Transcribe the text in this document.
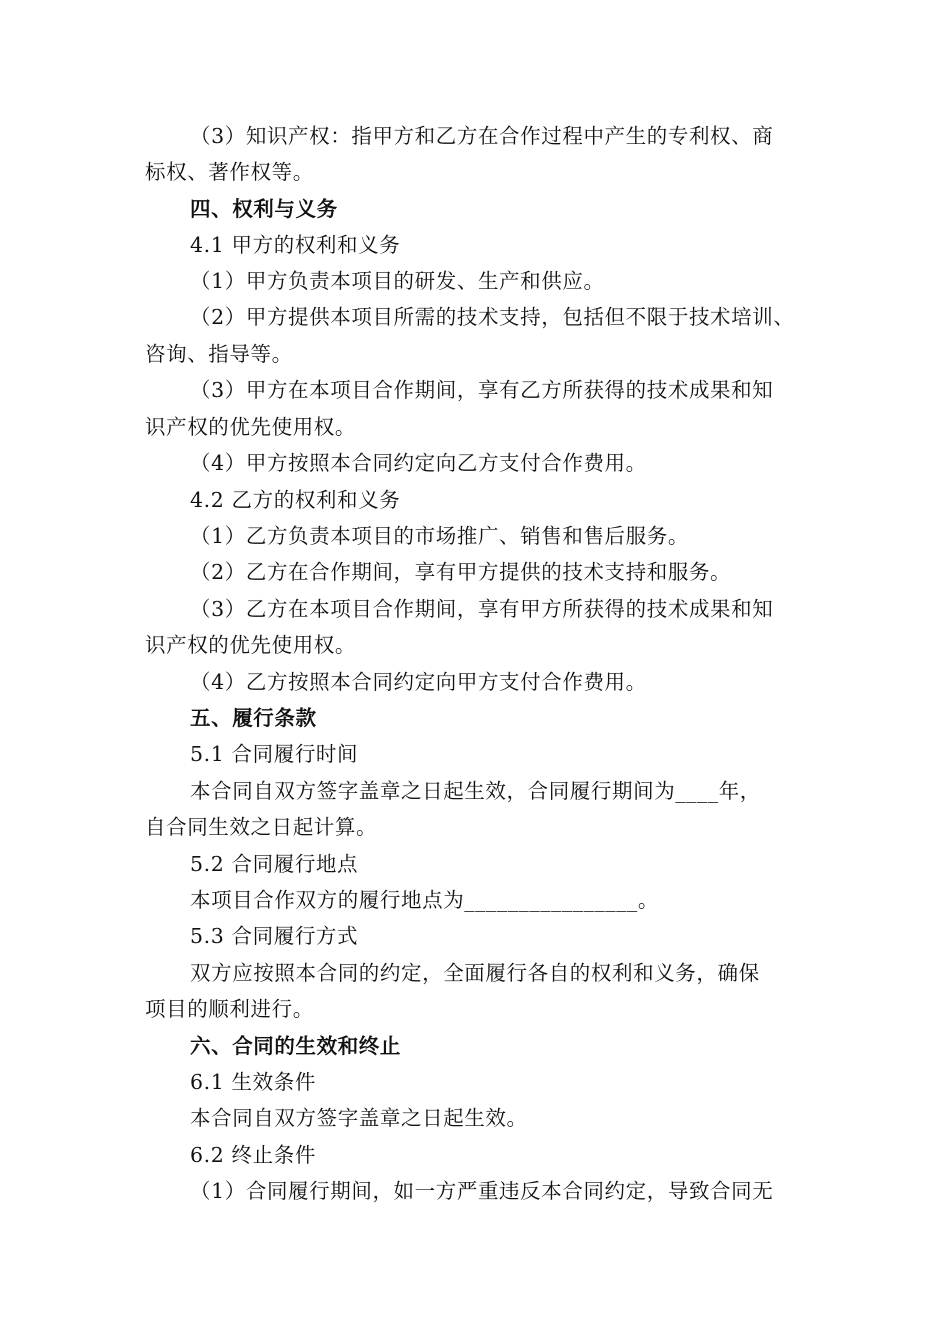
（3）知识产权：指甲方和乙方在合作过程中产生的专利权、商
标权、著作权等。
四、权利与义务
4.1 甲方的权利和义务
（1）甲方负责本项目的研发、生产和供应。
（2）甲方提供本项目所需的技术支持，包括但不限于技术培训、
咨询、指导等。
（3）甲方在本项目合作期间，享有乙方所获得的技术成果和知
识产权的优先使用权。
（4）甲方按照本合同约定向乙方支付合作费用。
4.2 乙方的权利和义务
（1）乙方负责本项目的市场推广、销售和售后服务。
（2）乙方在合作期间，享有甲方提供的技术支持和服务。
（3）乙方在本项目合作期间，享有甲方所获得的技术成果和知
识产权的优先使用权。
（4）乙方按照本合同约定向甲方支付合作费用。
五、履行条款
5.1 合同履行时间
本合同自双方签字盖章之日起生效，合同履行期间为____年，
自合同生效之日起计算。
5.2 合同履行地点
本项目合作双方的履行地点为________________。
5.3 合同履行方式
双方应按照本合同的约定，全面履行各自的权利和义务，确保
项目的顺利进行。
六、合同的生效和终止
6.1 生效条件
本合同自双方签字盖章之日起生效。
6.2 终止条件
（1）合同履行期间，如一方严重违反本合同约定，导致合同无
